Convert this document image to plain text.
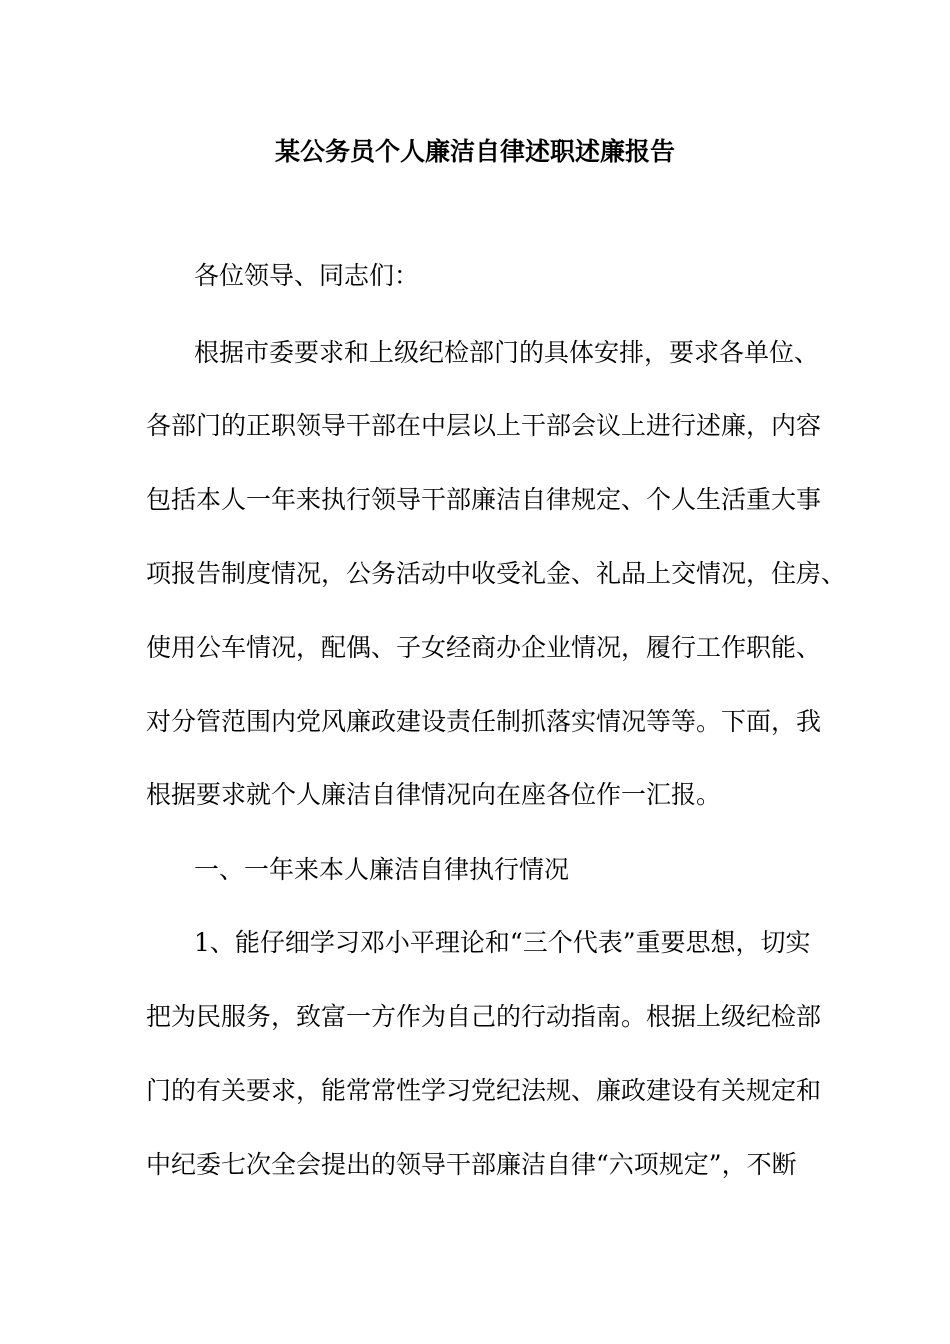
某公务员个人廉洁自律述职述廉报告
各位领导、同志们：
根据市委要求和上级纪检部门的具体安排，要求各单位、
各部门的正职领导干部在中层以上干部会议上进行述廉，内容
包括本人一年来执行领导干部廉洁自律规定、个人生活重大事
项报告制度情况，公务活动中收受礼金、礼品上交情况，住房、
使用公车情况，配偶、子女经商办企业情况，履行工作职能、
对分管范围内党风廉政建设责任制抓落实情况等等。下面，我
根据要求就个人廉洁自律情况向在座各位作一汇报。
一、一年来本人廉洁自律执行情况
1、能仔细学习邓小平理论和“三个代表”重要思想，切实
把为民服务，致富一方作为自己的行动指南。根据上级纪检部
门的有关要求，能常常性学习党纪法规、廉政建设有关规定和
中纪委七次全会提出的领导干部廉洁自律“六项规定”，不断
